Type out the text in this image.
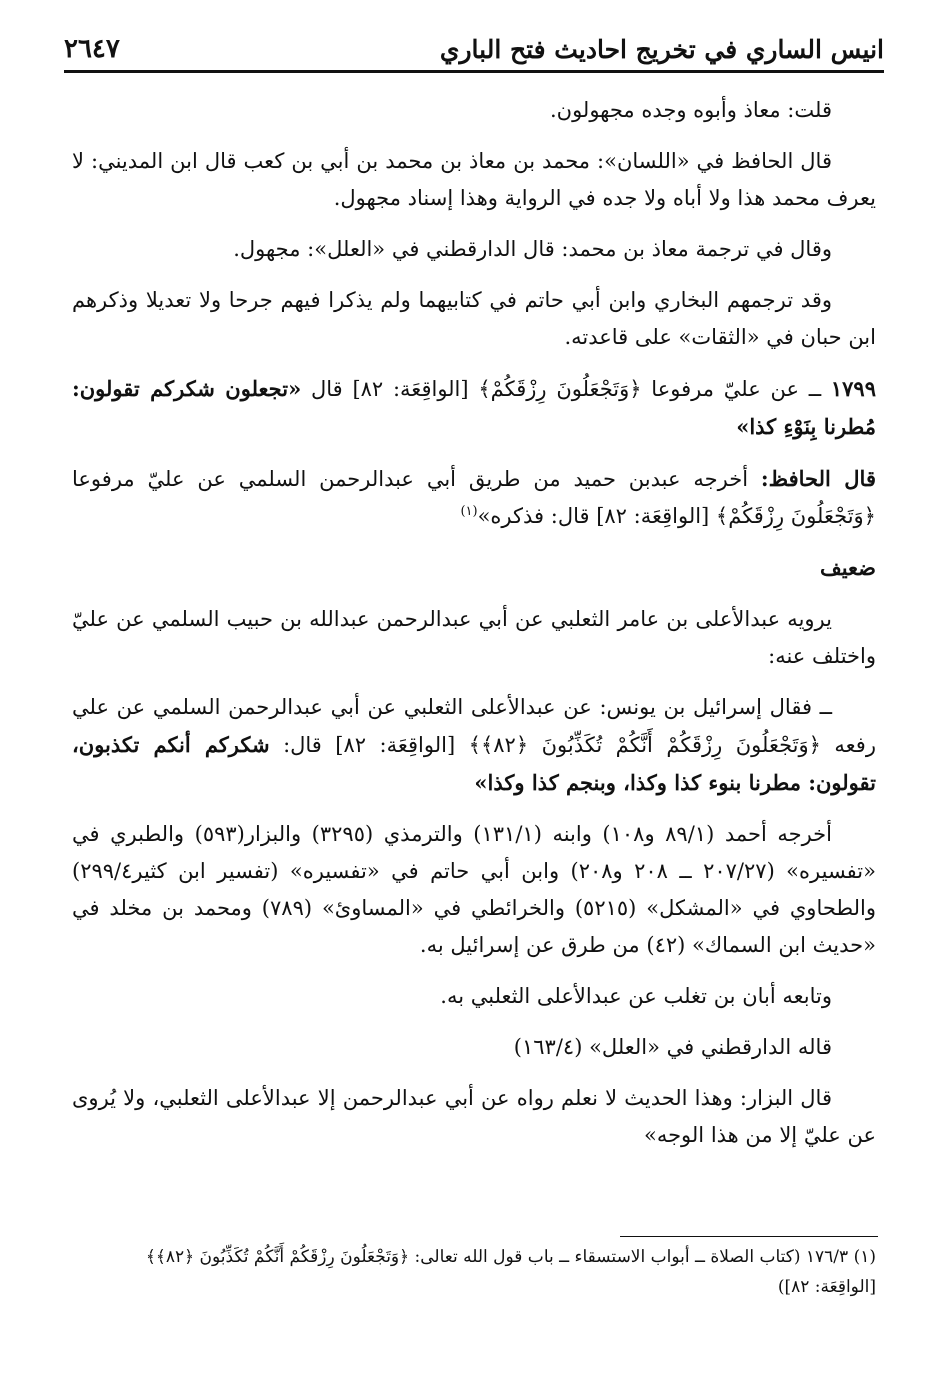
٢٦٤٧	انيس الساري في تخريج احاديث فتح الباري

قلت: معاذ وأبوه وجده مجهولون.

قال الحافظ في «اللسان»: محمد بن معاذ بن محمد بن أبي بن كعب قال ابن المديني: لا يعرف محمد هذا ولا أباه ولا جده في الرواية وهذا إسناد مجهول.

وقال في ترجمة معاذ بن محمد: قال الدارقطني في «العلل»: مجهول.

وقد ترجمهم البخاري وابن أبي حاتم في كتابيهما ولم يذكرا فيهم جرحا ولا تعديلا وذكرهم ابن حبان في «الثقات» على قاعدته.

١٧٩٩ ــ عن عليّ مرفوعا ﴿وَتَجْعَلُونَ رِزْقَكُمْ﴾ [الواقِعَة: ٨٢] قال «تجعلون شكركم تقولون: مُطرنا بِنَوْءِ كذا»

قال الحافظ: أخرجه عبدبن حميد من طريق أبي عبدالرحمن السلمي عن عليّ مرفوعا ﴿وَتَجْعَلُونَ رِزْقَكُمْ﴾ [الواقِعَة: ٨٢] قال: فذكره»$^{(١)}$

ضعيف

يرويه عبدالأعلى بن عامر الثعلبي عن أبي عبدالرحمن عبدالله بن حبيب السلمي عن عليّ واختلف عنه:

ــ فقال إسرائيل بن يونس: عن عبدالأعلى الثعلبي عن أبي عبدالرحمن السلمي عن علي رفعه ﴿وَتَجْعَلُونَ رِزْقَكُمْ أَنَّكُمْ تُكَذِّبُونَ ﴿٨٢﴾﴾ [الواقِعَة: ٨٢] قال: شكركم أنكم تكذبون، تقولون: مطرنا بنوء كذا وكذا، وبنجم كذا وكذا»

أخرجه أحمد (٨٩/١ و١٠٨) وابنه (١٣١/١) والترمذي (٣٢٩٥) والبزار(٥٩٣) والطبري في «تفسيره» (٢٠٧/٢٧ ــ ٢٠٨ و٢٠٨) وابن أبي حاتم في «تفسيره» (تفسير ابن كثير٢٩٩/٤) والطحاوي في «المشكل» (٥٢١٥) والخرائطي في «المساوئ» (٧٨٩) ومحمد بن مخلد في «حديث ابن السماك» (٤٢) من طرق عن إسرائيل به.

وتابعه أبان بن تغلب عن عبدالأعلى الثعلبي به.

قاله الدارقطني في «العلل» (١٦٣/٤)

قال البزار: وهذا الحديث لا نعلم رواه عن أبي عبدالرحمن إلا عبدالأعلى الثعلبي، ولا يُروى عن عليّ إلا من هذا الوجه»

(١) ١٧٦/٣ (كتاب الصلاة ــ أبواب الاستسقاء ــ باب قول الله تعالى: ﴿وَتَجْعَلُونَ رِزْقَكُمْ أَنَّكُمْ تُكَذِّبُونَ ﴿٨٢﴾﴾

[الواقِعَة: ٨٢])
